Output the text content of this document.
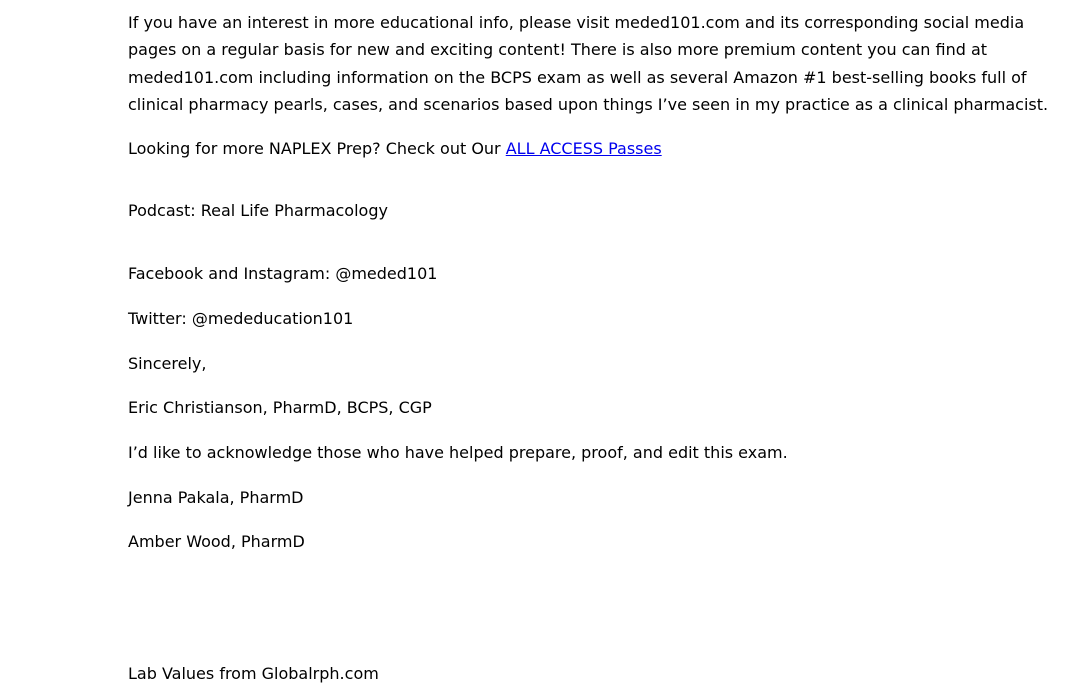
If you have an interest in more educational info, please visit meded101.com and its corresponding social media
pages on a regular basis for new and exciting content! There is also more premium content you can find at
meded101.com including information on the BCPS exam as well as several Amazon #1 best-selling books full of
clinical pharmacy pearls, cases, and scenarios based upon things I’ve seen in my practice as a clinical pharmacist.
Looking for more NAPLEX Prep? Check out Our ALL ACCESS Passes
Podcast: Real Life Pharmacology
Facebook and Instagram: @meded101
Twitter: @mededucation101
Sincerely,
Eric Christianson, PharmD, BCPS, CGP
I’d like to acknowledge those who have helped prepare, proof, and edit this exam.
Jenna Pakala, PharmD
Amber Wood, PharmD
Lab Values from Globalrph.com
